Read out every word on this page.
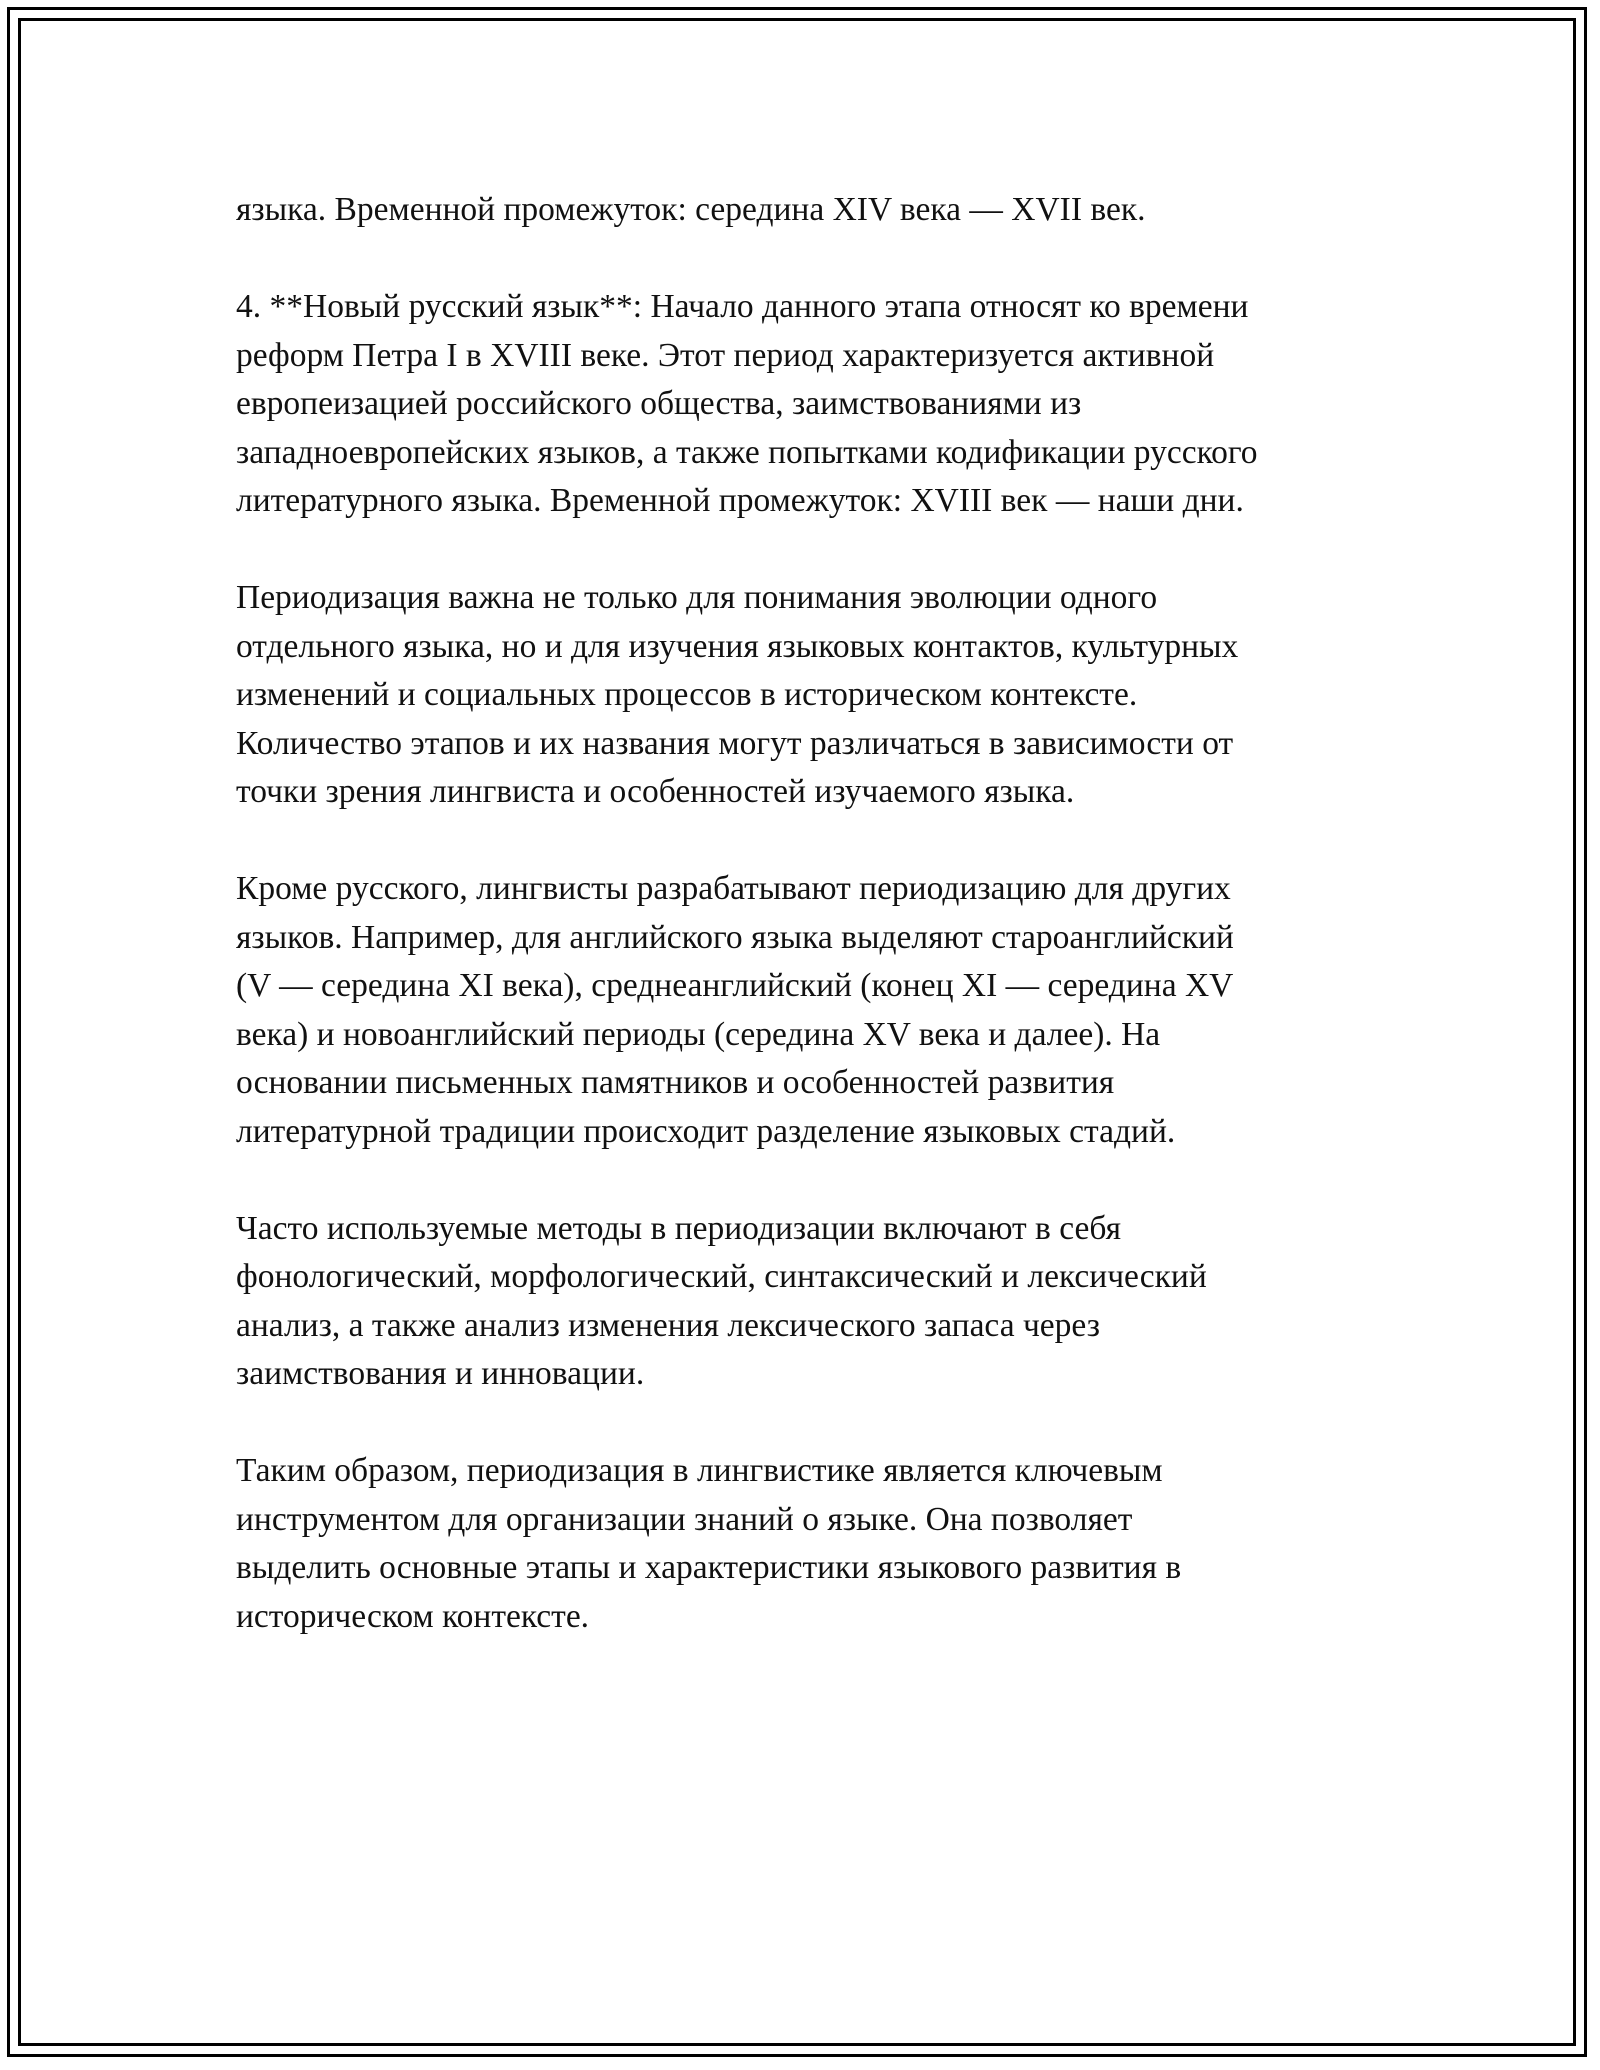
языка. Временной промежуток: середина XIV века — XVII век.

4. **Новый русский язык**: Начало данного этапа относят ко времени
реформ Петра I в XVIII веке. Этот период характеризуется активной
европеизацией российского общества, заимствованиями из
западноевропейских языков, а также попытками кодификации русского
литературного языка. Временной промежуток: XVIII век — наши дни.

Периодизация важна не только для понимания эволюции одного
отдельного языка, но и для изучения языковых контактов, культурных
изменений и социальных процессов в историческом контексте.
Количество этапов и их названия могут различаться в зависимости от
точки зрения лингвиста и особенностей изучаемого языка.

Кроме русского, лингвисты разрабатывают периодизацию для других
языков. Например, для английского языка выделяют староанглийский
(V — середина XI века), среднеанглийский (конец XI — середина XV
века) и новоанглийский периоды (середина XV века и далее). На
основании письменных памятников и особенностей развития
литературной традиции происходит разделение языковых стадий.

Часто используемые методы в периодизации включают в себя
фонологический, морфологический, синтаксический и лексический
анализ, а также анализ изменения лексического запаса через
заимствования и инновации.

Таким образом, периодизация в лингвистике является ключевым
инструментом для организации знаний о языке. Она позволяет
выделить основные этапы и характеристики языкового развития в
историческом контексте.
